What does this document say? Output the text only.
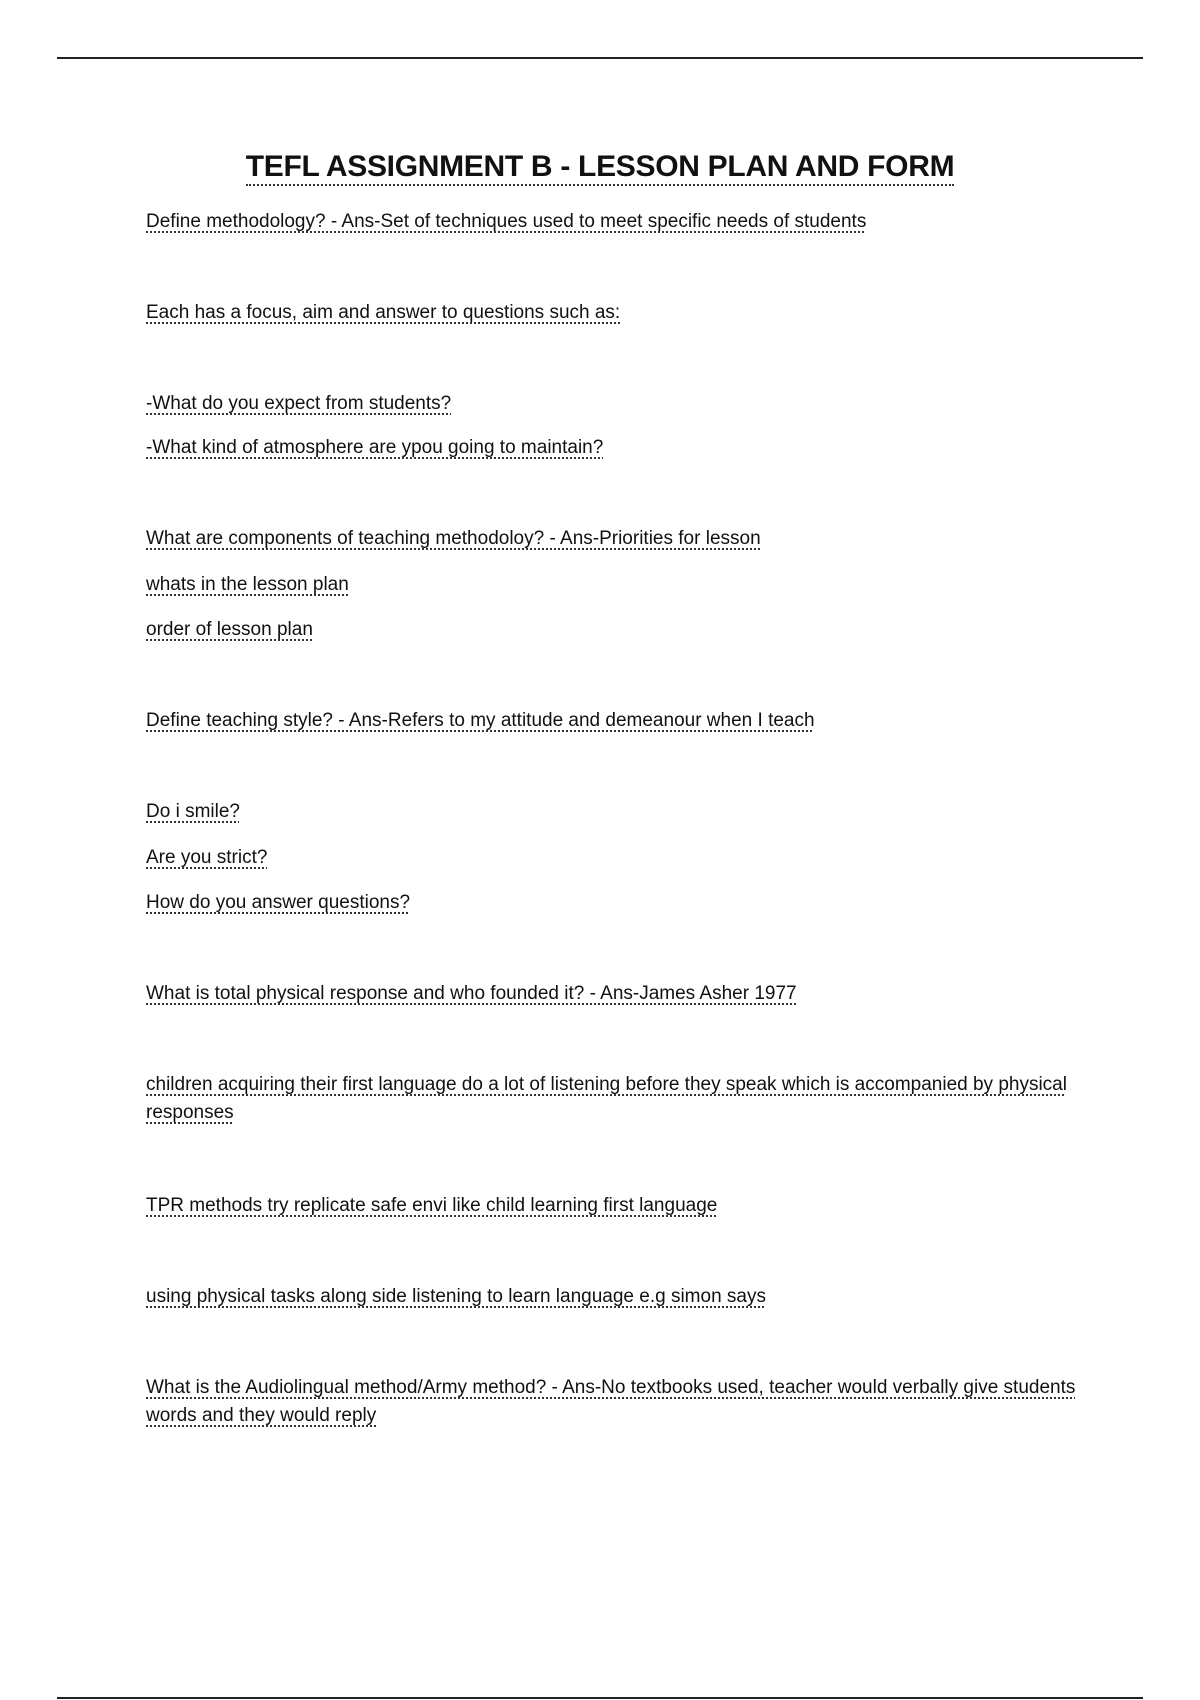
TEFL ASSIGNMENT B - LESSON PLAN AND FORM

Define methodology? - Ans-Set of techniques used to meet specific needs of students

Each has a focus, aim and answer to questions such as:

-What do you expect from students?

-What kind of atmosphere are ypou going to maintain?

What are components of teaching methodoloy? - Ans-Priorities for lesson

whats in the lesson plan

order of lesson plan

Define teaching style? - Ans-Refers to my attitude and demeanour when I teach

Do i smile?

Are you strict?

How do you answer questions?

What is total physical response and who founded it? - Ans-James Asher 1977

children acquiring their first language do a lot of listening before they speak which is accompanied by physical responses

TPR methods try replicate safe envi like child learning first language

using physical tasks along side listening to learn language e.g simon says

What is the Audiolingual method/Army method? - Ans-No textbooks used, teacher would verbally give students words and they would reply
